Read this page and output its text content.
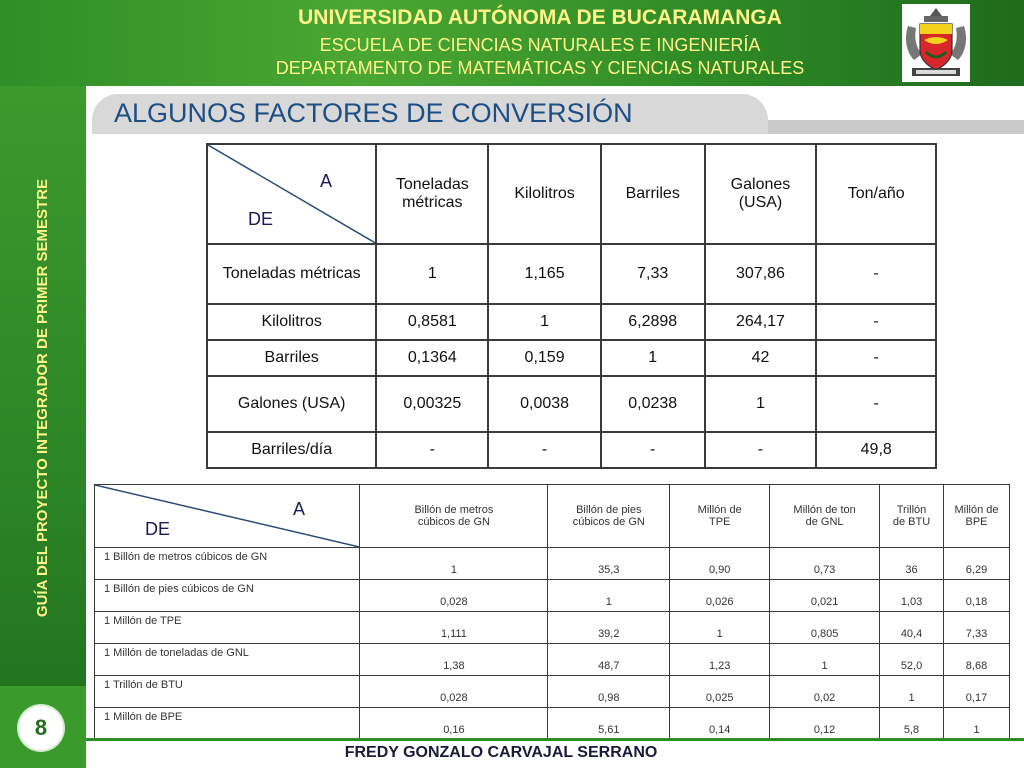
UNIVERSIDAD AUTÓNOMA DE BUCARAMANGA
ESCUELA DE CIENCIAS NATURALES E INGENIERÍA
DEPARTAMENTO DE MATEMÁTICAS Y CIENCIAS NATURALES
GUÍA DEL PROYECTO INTEGRADOR DE PRIMER SEMESTRE
8
ALGUNOS FACTORES DE CONVERSIÓN
A
DE	Toneladas métricas	Kilolitros	Barriles	Galones (USA)	Ton/año
Toneladas métricas	1	1,165	7,33	307,86	-
Kilolitros	0,8581	1	6,2898	264,17	-
Barriles	0,1364	0,159	1	42	-
Galones (USA)	0,00325	0,0038	0,0238	1	-
Barriles/día	-	-	-	-	49,8
A
DE	Billón de metros cúbicos de GN	Billón de pies cúbicos de GN	Millón de TPE	Millón de ton de GNL	Trillón de BTU	Millón de BPE
1 Billón de metros cúbicos de GN	1	35,3	0,90	0,73	36	6,29
1 Billón de pies cúbicos de GN	0,028	1	0,026	0,021	1,03	0,18
1 Millón de TPE	1,111	39,2	1	0,805	40,4	7,33
1 Millón de toneladas de GNL	1,38	48,7	1,23	1	52,0	8,68
1 Trillón de BTU	0,028	0,98	0,025	0,02	1	0,17
1 Millón de BPE	0,16	5,61	0,14	0,12	5,8	1
FREDY GONZALO CARVAJAL SERRANO
